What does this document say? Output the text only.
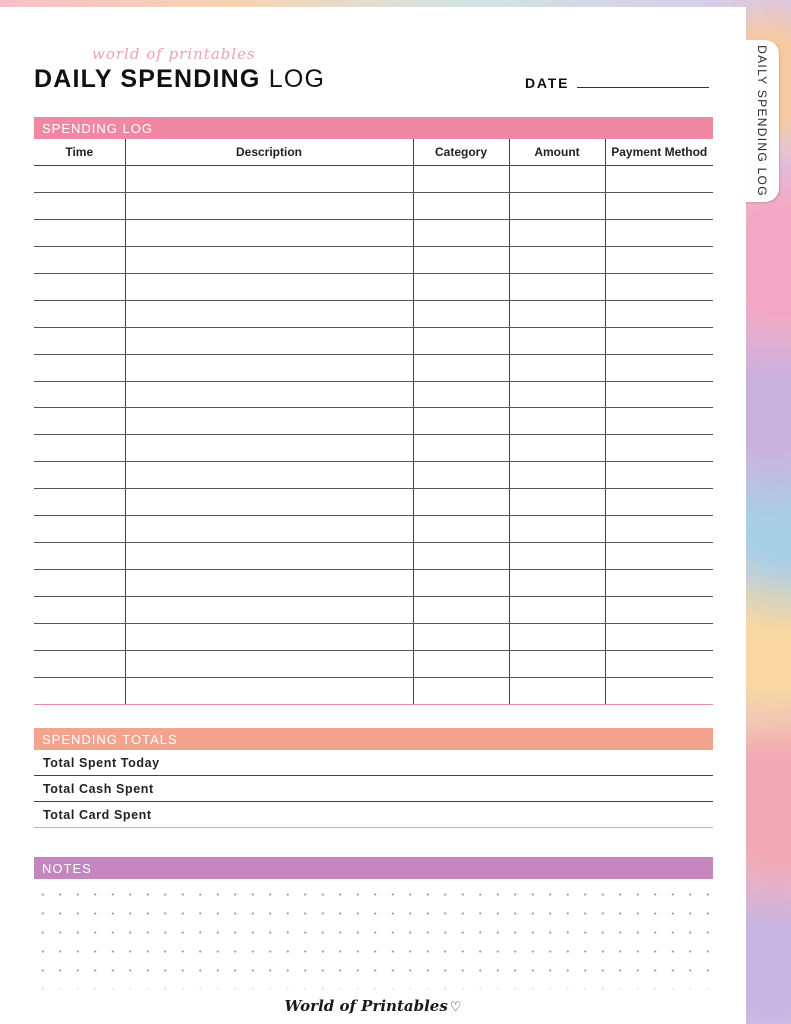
world of printables
DAILY SPENDING LOG	DATE
SPENDING LOG
Time	Description	Category	Amount	Payment Method

SPENDING TOTALS
Total Spent Today
Total Cash Spent
Total Card Spent
NOTES
World of Printables ♡
DAILY SPENDING LOG
